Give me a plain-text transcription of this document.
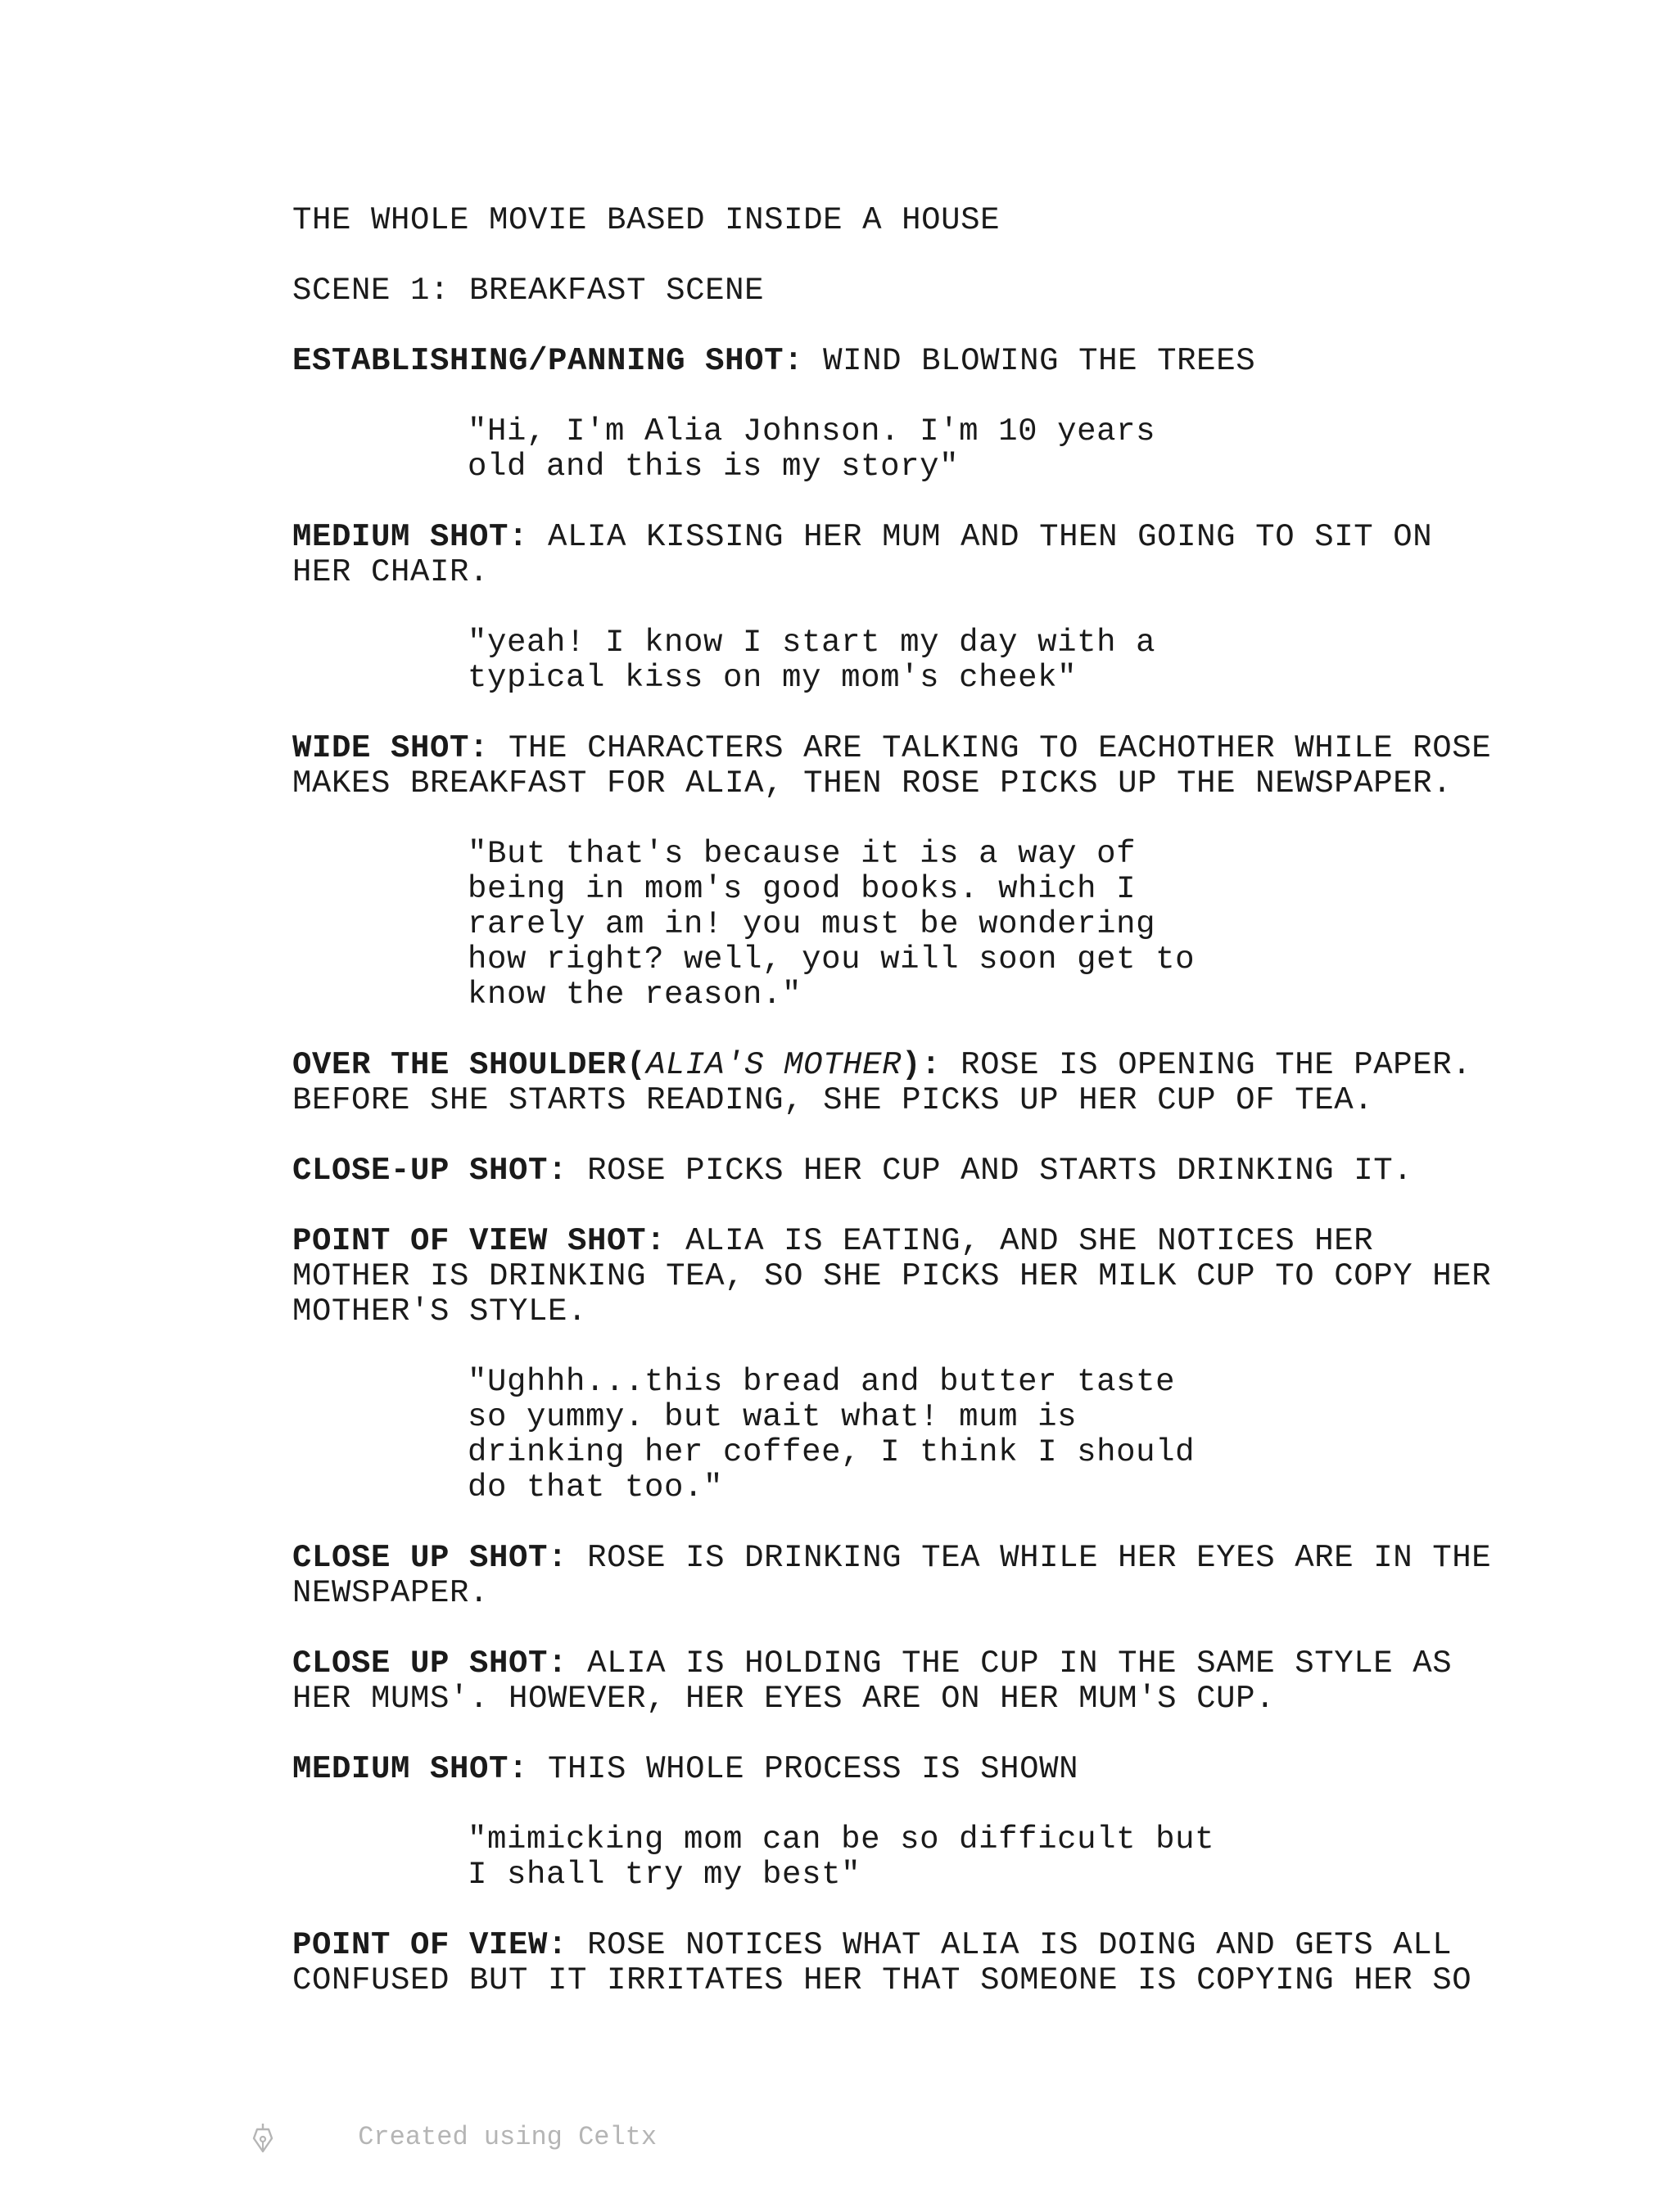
THE WHOLE MOVIE BASED INSIDE A HOUSE
SCENE 1: BREAKFAST SCENE
ESTABLISHING/PANNING SHOT: WIND BLOWING THE TREES
"Hi, I'm Alia Johnson. I'm 10 years
old and this is my story"
MEDIUM SHOT: ALIA KISSING HER MUM AND THEN GOING TO SIT ON
HER CHAIR.
"yeah! I know I start my day with a
typical kiss on my mom's cheek"
WIDE SHOT: THE CHARACTERS ARE TALKING TO EACHOTHER WHILE ROSE
MAKES BREAKFAST FOR ALIA, THEN ROSE PICKS UP THE NEWSPAPER.
"But that's because it is a way of
being in mom's good books. which I
rarely am in! you must be wondering
how right? well, you will soon get to
know the reason."
OVER THE SHOULDER(ALIA'S MOTHER): ROSE IS OPENING THE PAPER.
BEFORE SHE STARTS READING, SHE PICKS UP HER CUP OF TEA.
CLOSE-UP SHOT: ROSE PICKS HER CUP AND STARTS DRINKING IT.
POINT OF VIEW SHOT: ALIA IS EATING, AND SHE NOTICES HER
MOTHER IS DRINKING TEA, SO SHE PICKS HER MILK CUP TO COPY HER
MOTHER'S STYLE.
"Ughhh...this bread and butter taste
so yummy. but wait what! mum is
drinking her coffee, I think I should
do that too."
CLOSE UP SHOT: ROSE IS DRINKING TEA WHILE HER EYES ARE IN THE
NEWSPAPER.
CLOSE UP SHOT: ALIA IS HOLDING THE CUP IN THE SAME STYLE AS
HER MUMS'. HOWEVER, HER EYES ARE ON HER MUM'S CUP.
MEDIUM SHOT: THIS WHOLE PROCESS IS SHOWN
"mimicking mom can be so difficult but
I shall try my best"
POINT OF VIEW: ROSE NOTICES WHAT ALIA IS DOING AND GETS ALL
CONFUSED BUT IT IRRITATES HER THAT SOMEONE IS COPYING HER SO

Created using Celtx
